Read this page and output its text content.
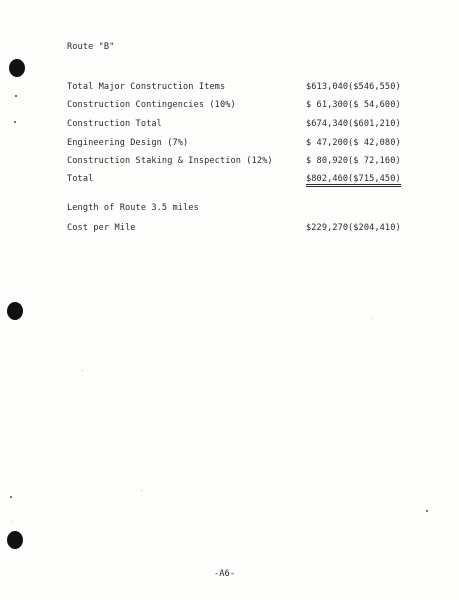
Route "B"
Total Major Construction Items	$613,040 ($546,550)
Construction Contingencies (10%)	$ 61,300 ($ 54,600)
Construction Total	$674,340 ($601,210)
Engineering Design (7%)	$ 47,200 ($ 42,080)
Construction Staking & Inspection (12%)	$ 80,920 ($ 72,160)
Total	$802,460 ($715,450)
Length of Route 3.5 miles
Cost per Mile	$229,270 ($204,410)
-A6-
